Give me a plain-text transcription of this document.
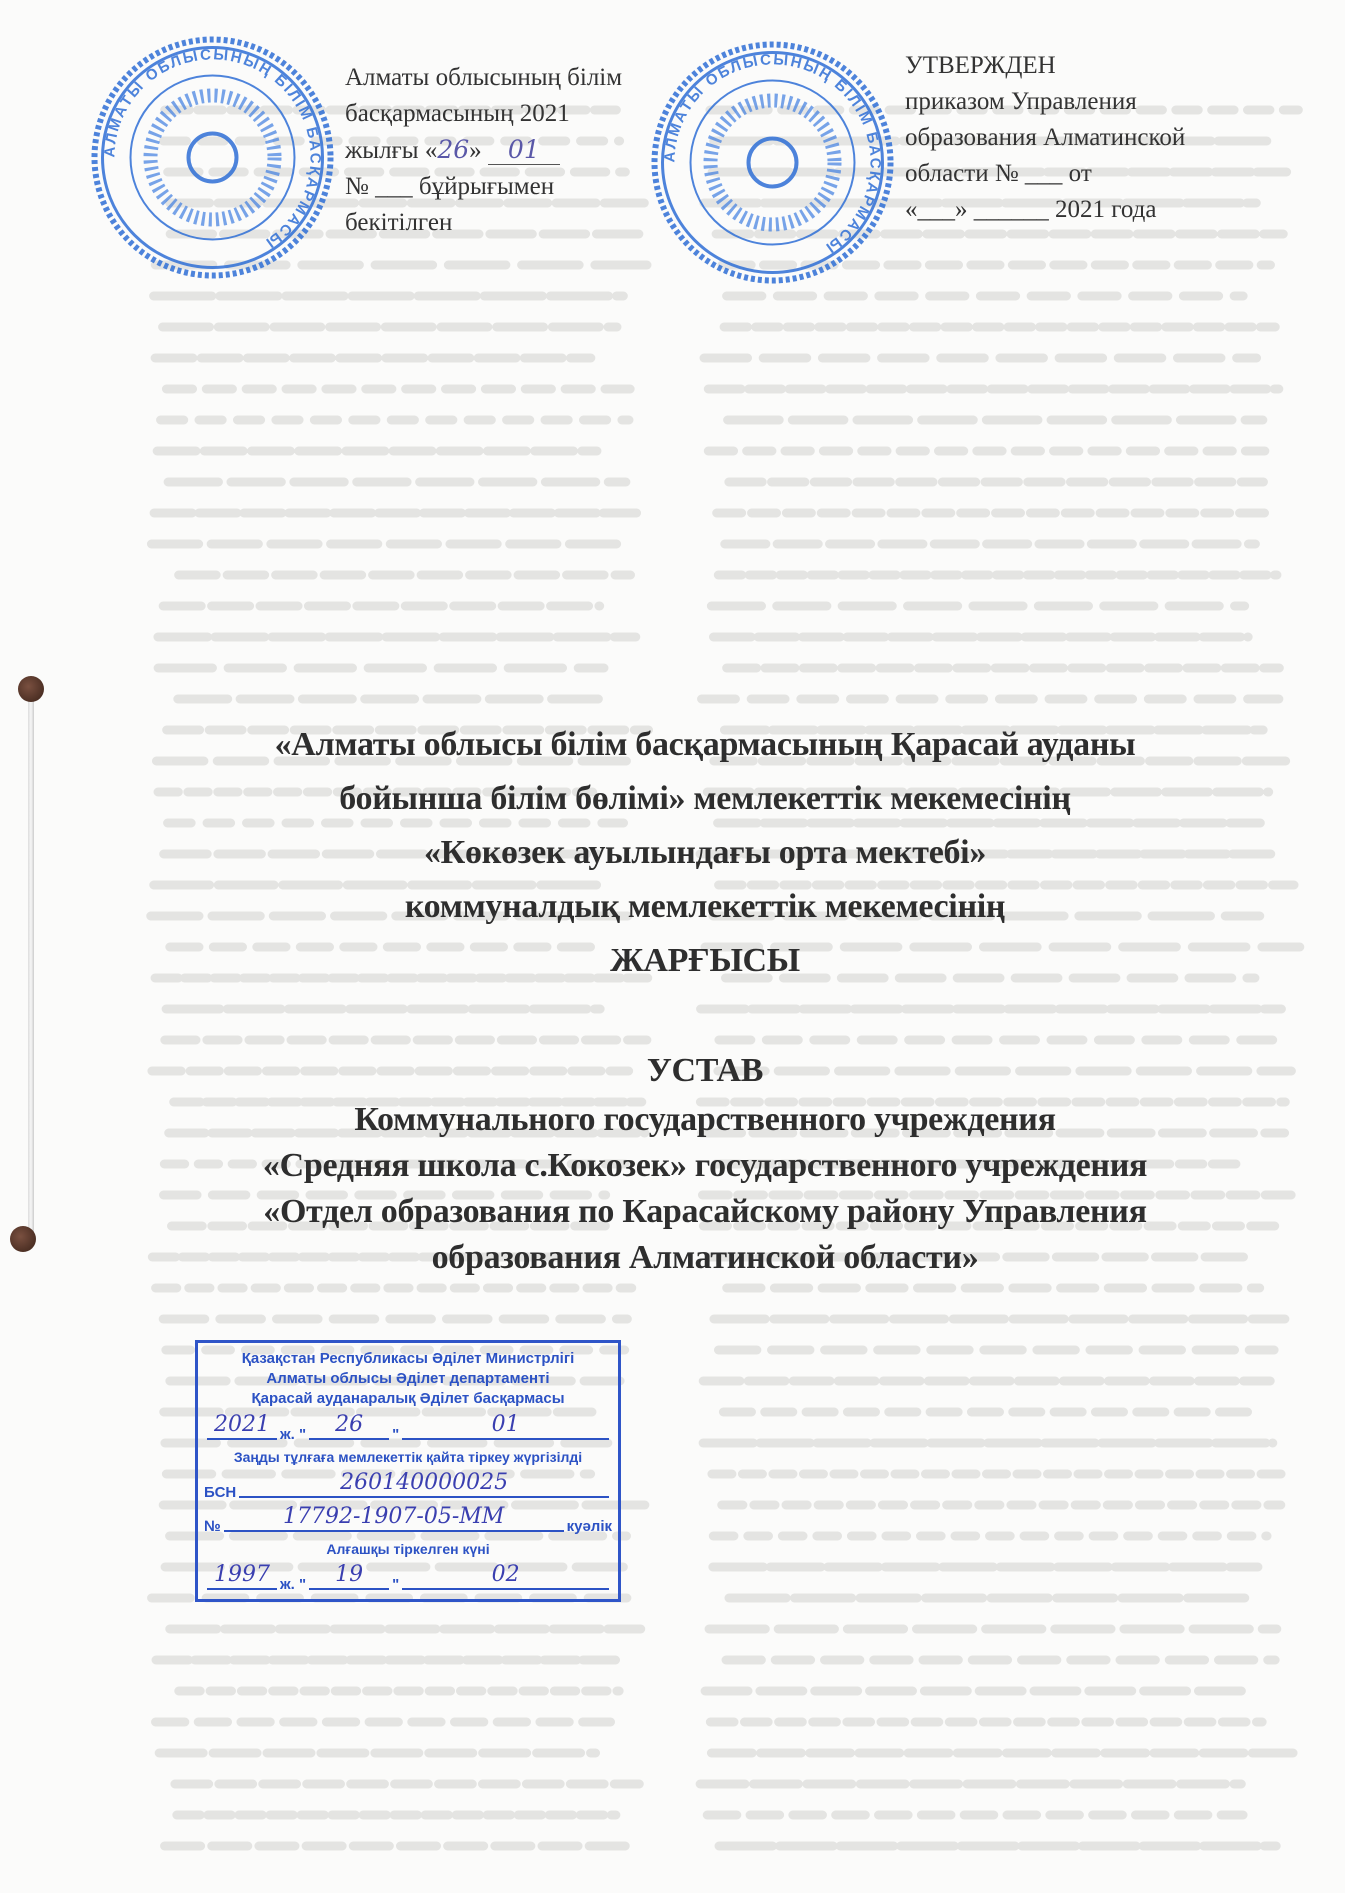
Алматы облысының білім
басқармасының 2021
жылғы «26» 01
№ ___ бұйрығымен
бекітілген
УТВЕРЖДЕН
приказом Управления
образования Алматинской
области № ___ от
«___» ______ 2021 года
АЛМАТЫ ОБЛЫСЫНЫҢ БІЛІМ БАСҚАРМАСЫ
АЛМАТЫ ОБЛЫСЫНЫҢ БІЛІМ БАСҚАРМАСЫ
«Алматы облысы білім басқармасының Қарасай ауданы
бойынша білім бөлімі» мемлекеттік мекемесінің
«Көкөзек ауылындағы орта мектебі»
коммуналдық мемлекеттік мекемесінің
ЖАРҒЫСЫ
УСТАВ
Коммунального государственного учреждения
«Средняя школа с.Кокозек» государственного учреждения
«Отдел образования по Карасайскому району Управления
образования Алматинской области»
Қазақстан Республикасы Әділет Министрлігі
Алматы облысы Әділет департаменті
Қарасай ауданаралық Әділет басқармасы
2021 ж. "	26	"	01
Заңды тұлғаға мемлекеттік қайта тіркеу жүргізілді
БСН	260140000025
№	17792-1907-05-ММ	куәлік
Алғашқы тіркелген күні
1997 ж. "	19	"	02
